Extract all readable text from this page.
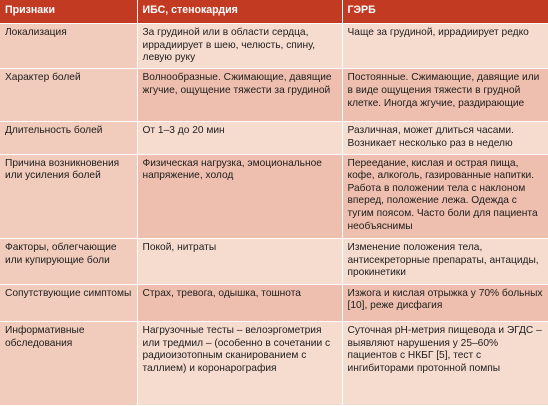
Признаки	ИБС, стенокардия	ГЭРБ
Локализация	За грудиной или в области сердца, иррадиирует в шею, челюсть, спину, левую руку	Чаще за грудиной, иррадиирует редко
Характер болей	Волнообразные. Сжимающие, давящие жгучие, ощущение тяжести за грудиной	Постоянные. Сжимающие, давящие или в виде ощущения тяжести в грудной клетке. Иногда жгучие, раздирающие
Длительность болей	От 1–3 до 20 мин	Различная, может длиться часами. Возникает несколько раз в неделю
Причина возникновения или усиления болей	Физическая нагрузка, эмоциональное напряжение, холод	Переедание, кислая и острая пища, кофе, алкоголь, газированные напитки. Работа в положении тела с наклоном вперед, положение лежа. Одежда с тугим поясом. Часто боли для пациента необъяснимы
Факторы, облегчающие или купирующие боли	Покой, нитраты	Изменение положения тела, антисекреторные препараты, антациды, прокинетики
Сопутствующие симптомы	Страх, тревога, одышка, тошнота	Изжога и кислая отрыжка у 70% больных [10], реже дисфагия
Информативные обследования	Нагрузочные тесты – велоэргометрия или тредмил – (особенно в сочетании с радиоизотопным сканированием с таллием) и коронарография	Суточная рН-метрия пищевода и ЭГДС – выявляют нарушения у 25–60% пациентов с НКБГ [5], тест с ингибиторами протонной помпы
